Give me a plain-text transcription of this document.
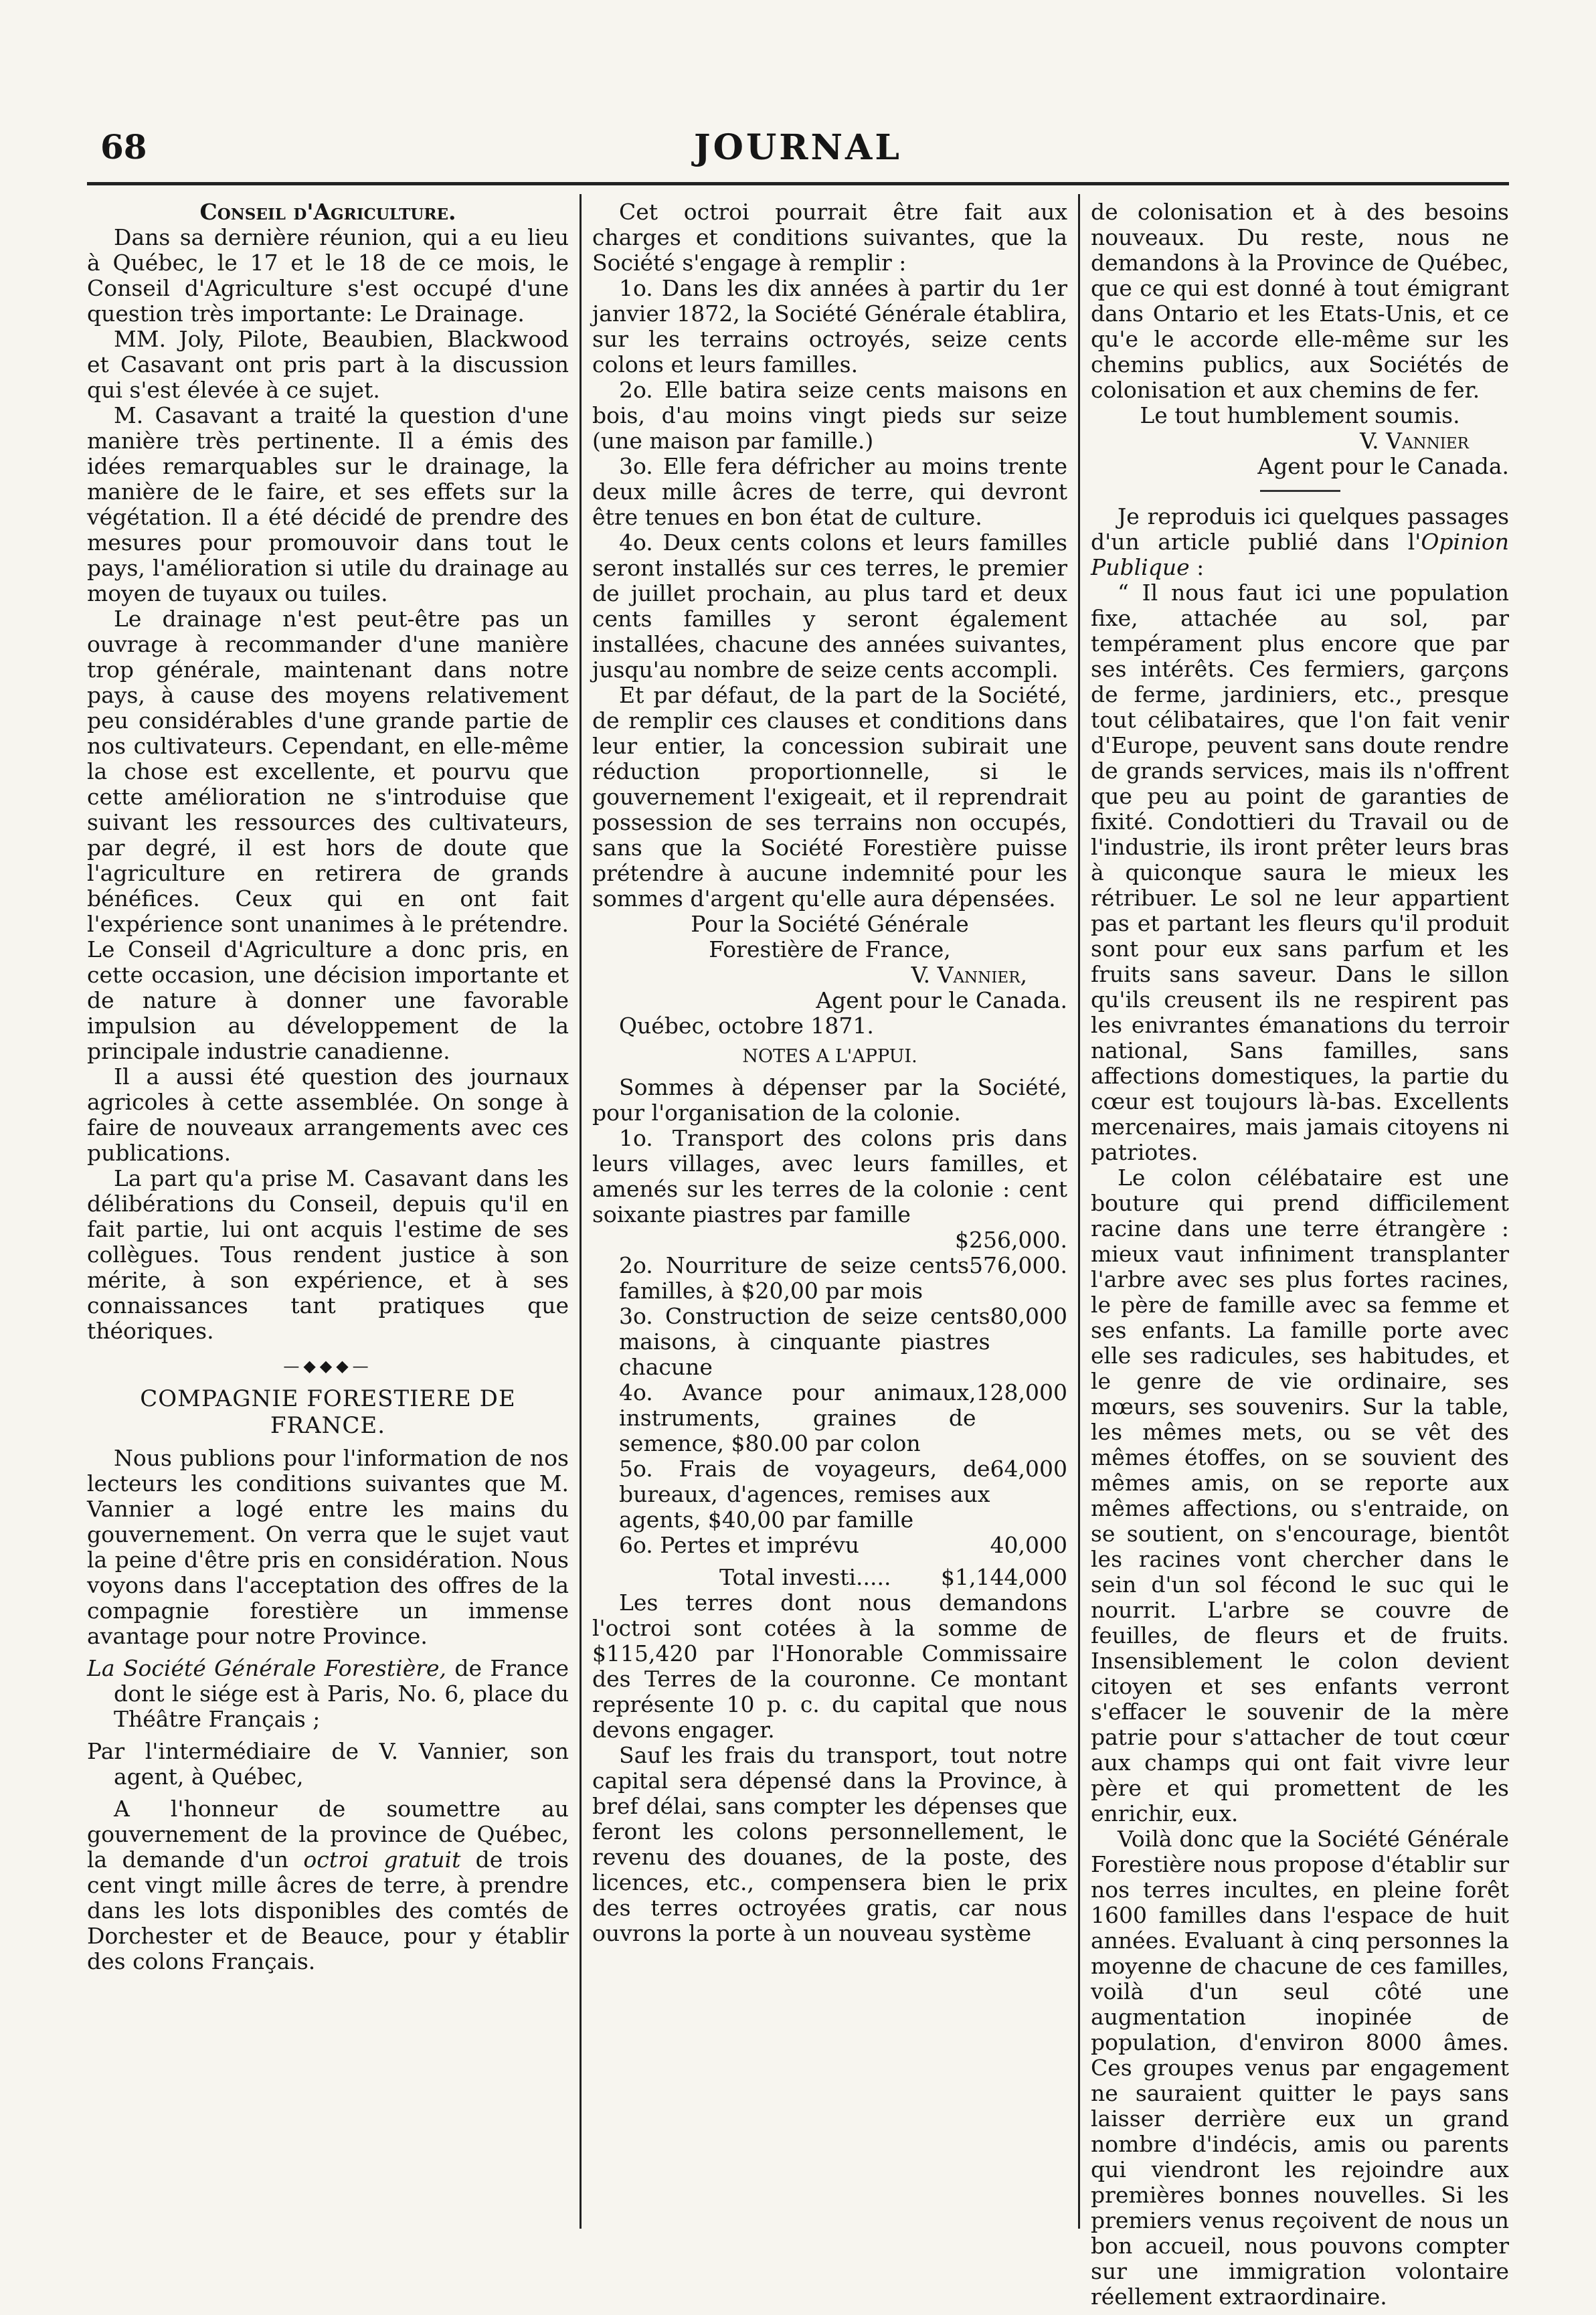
68	JOURNAL

Conseil d'Agriculture.

Dans sa dernière réunion, qui a eu lieu à Québec, le 17 et le 18 de ce mois, le Conseil d'Agriculture s'est occupé d'une question très importante: Le Drainage.

MM. Joly, Pilote, Beaubien, Blackwood et Casavant ont pris part à la discussion qui s'est élevée à ce sujet.

M. Casavant a traité la question d'une manière très pertinente. Il a émis des idées remarquables sur le drainage, la manière de le faire, et ses effets sur la végétation. Il a été décidé de prendre des mesures pour promouvoir dans tout le pays, l'amélioration si utile du drainage au moyen de tuyaux ou tuiles.

Le drainage n'est peut-être pas un ouvrage à recommander d'une manière trop générale, maintenant dans notre pays, à cause des moyens relativement peu considérables d'une grande partie de nos cultivateurs. Cependant, en elle-même la chose est excellente, et pourvu que cette amélioration ne s'introduise que suivant les ressources des cultivateurs, par degré, il est hors de doute que l'agriculture en retirera de grands bénéfices. Ceux qui en ont fait l'expérience sont unanimes à le prétendre. Le Conseil d'Agriculture a donc pris, en cette occasion, une décision importante et de nature à donner une favorable impulsion au développement de la principale industrie canadienne.

Il a aussi été question des journaux agricoles à cette assemblée. On songe à faire de nouveaux arrangements avec ces publications.

La part qu'a prise M. Casavant dans les délibérations du Conseil, depuis qu'il en fait partie, lui ont acquis l'estime de ses collègues. Tous rendent justice à son mérite, à son expérience, et à ses connaissances tant pratiques que théoriques.

—◆◆◆—

COMPAGNIE FORESTIERE DE FRANCE.

Nous publions pour l'information de nos lecteurs les conditions suivantes que M. Vannier a logé entre les mains du gouvernement. On verra que le sujet vaut la peine d'être pris en considération. Nous voyons dans l'acceptation des offres de la compagnie forestière un immense avantage pour notre Province.

La Société Générale Forestière, de France dont le siége est à Paris, No. 6, place du Théâtre Français ;

Par l'intermédiaire de V. Vannier, son agent, à Québec,

A l'honneur de soumettre au gouvernement de la province de Québec, la demande d'un octroi gratuit de trois cent vingt mille âcres de terre, à prendre dans les lots disponibles des comtés de Dorchester et de Beauce, pour y établir des colons Français.

Cet octroi pourrait être fait aux charges et conditions suivantes, que la Société s'engage à remplir :

1o. Dans les dix années à partir du 1er janvier 1872, la Société Générale établira, sur les terrains octroyés, seize cents colons et leurs familles.

2o. Elle batira seize cents maisons en bois, d'au moins vingt pieds sur seize (une maison par famille.)

3o. Elle fera défricher au moins trente deux mille âcres de terre, qui devront être tenues en bon état de culture.

4o. Deux cents colons et leurs familles seront installés sur ces terres, le premier de juillet prochain, au plus tard et deux cents familles y seront également installées, chacune des années suivantes, jusqu'au nombre de seize cents accompli.

Et par défaut, de la part de la Société, de remplir ces clauses et conditions dans leur entier, la concession subirait une réduction proportionnelle, si le gouvernement l'exigeait, et il reprendrait possession de ses terrains non occupés, sans que la Société Forestière puisse prétendre à aucune indemnité pour les sommes d'argent qu'elle aura dépensées.

Pour la Société Générale

Forestière de France,

V. Vannier,

Agent pour le Canada.

Québec, octobre 1871.

NOTES A L'APPUI.

Sommes à dépenser par la Société, pour l'organisation de la colonie.

1o. Transport des colons pris dans leurs villages, avec leurs familles, et amenés sur les terres de la colonie : cent soixante piastres par famille

$256,000.

2o. Nourriture de seize cents familles, à $20,00 par mois
576,000.
3o. Construction de seize cents maisons, à cinquante piastres chacune
80,000
4o. Avance pour animaux, instruments, graines de semence, $80.00 par colon
128,000
5o. Frais de voyageurs, de bureaux, d'agences, remises aux agents, $40,00 par famille
64,000
6o. Pertes et imprévu	40,000
Total investi.....	$1,144,000

Les terres dont nous demandons l'octroi sont cotées à la somme de $115,420 par l'Honorable Commissaire des Terres de la couronne. Ce montant représente 10 p. c. du capital que nous devons engager.

Sauf les frais du transport, tout notre capital sera dépensé dans la Province, à bref délai, sans compter les dépenses que feront les colons personnellement, le revenu des douanes, de la poste, des licences, etc., compensera bien le prix des terres octroyées gratis, car nous ouvrons la porte à un nouveau système

de colonisation et à des besoins nouveaux. Du reste, nous ne demandons à la Province de Québec, que ce qui est donné à tout émigrant dans Ontario et les Etats-Unis, et ce qu'e le accorde elle-même sur les chemins publics, aux Sociétés de colonisation et aux chemins de fer.

Le tout humblement soumis.

V. Vannier

Agent pour le Canada.

Je reproduis ici quelques passages d'un article publié dans l'Opinion Publique :

“ Il nous faut ici une population fixe, attachée au sol, par tempérament plus encore que par ses intérêts. Ces fermiers, garçons de ferme, jardiniers, etc., presque tout célibataires, que l'on fait venir d'Europe, peuvent sans doute rendre de grands services, mais ils n'offrent que peu au point de garanties de fixité. Condottieri du Travail ou de l'industrie, ils iront prêter leurs bras à quiconque saura le mieux les rétribuer. Le sol ne leur appartient pas et partant les fleurs qu'il produit sont pour eux sans parfum et les fruits sans saveur. Dans le sillon qu'ils creusent ils ne respirent pas les enivrantes émanations du terroir national, Sans familles, sans affections domestiques, la partie du cœur est toujours là-bas. Excellents mercenaires, mais jamais citoyens ni patriotes.

Le colon célébataire est une bouture qui prend difficilement racine dans une terre étrangère : mieux vaut infiniment transplanter l'arbre avec ses plus fortes racines, le père de famille avec sa femme et ses enfants. La famille porte avec elle ses radicules, ses habitudes, et le genre de vie ordinaire, ses mœurs, ses souvenirs. Sur la table, les mêmes mets, ou se vêt des mêmes étoffes, on se souvient des mêmes amis, on se reporte aux mêmes affections, ou s'entraide, on se soutient, on s'encourage, bientôt les racines vont chercher dans le sein d'un sol fécond le suc qui le nourrit. L'arbre se couvre de feuilles, de fleurs et de fruits. Insensiblement le colon devient citoyen et ses enfants verront s'effacer le souvenir de la mère patrie pour s'attacher de tout cœur aux champs qui ont fait vivre leur père et qui promettent de les enrichir, eux.

Voilà donc que la Société Générale Forestière nous propose d'établir sur nos terres incultes, en pleine forêt 1600 familles dans l'espace de huit années. Evaluant à cinq personnes la moyenne de chacune de ces familles, voilà d'un seul côté une augmentation inopinée de population, d'environ 8000 âmes. Ces groupes venus par engagement ne sauraient quitter le pays sans laisser derrière eux un grand nombre d'indécis, amis ou parents qui viendront les rejoindre aux premières bonnes nouvelles. Si les premiers venus reçoivent de nous un bon accueil, nous pouvons compter sur une immigration volontaire réellement extraordinaire.
